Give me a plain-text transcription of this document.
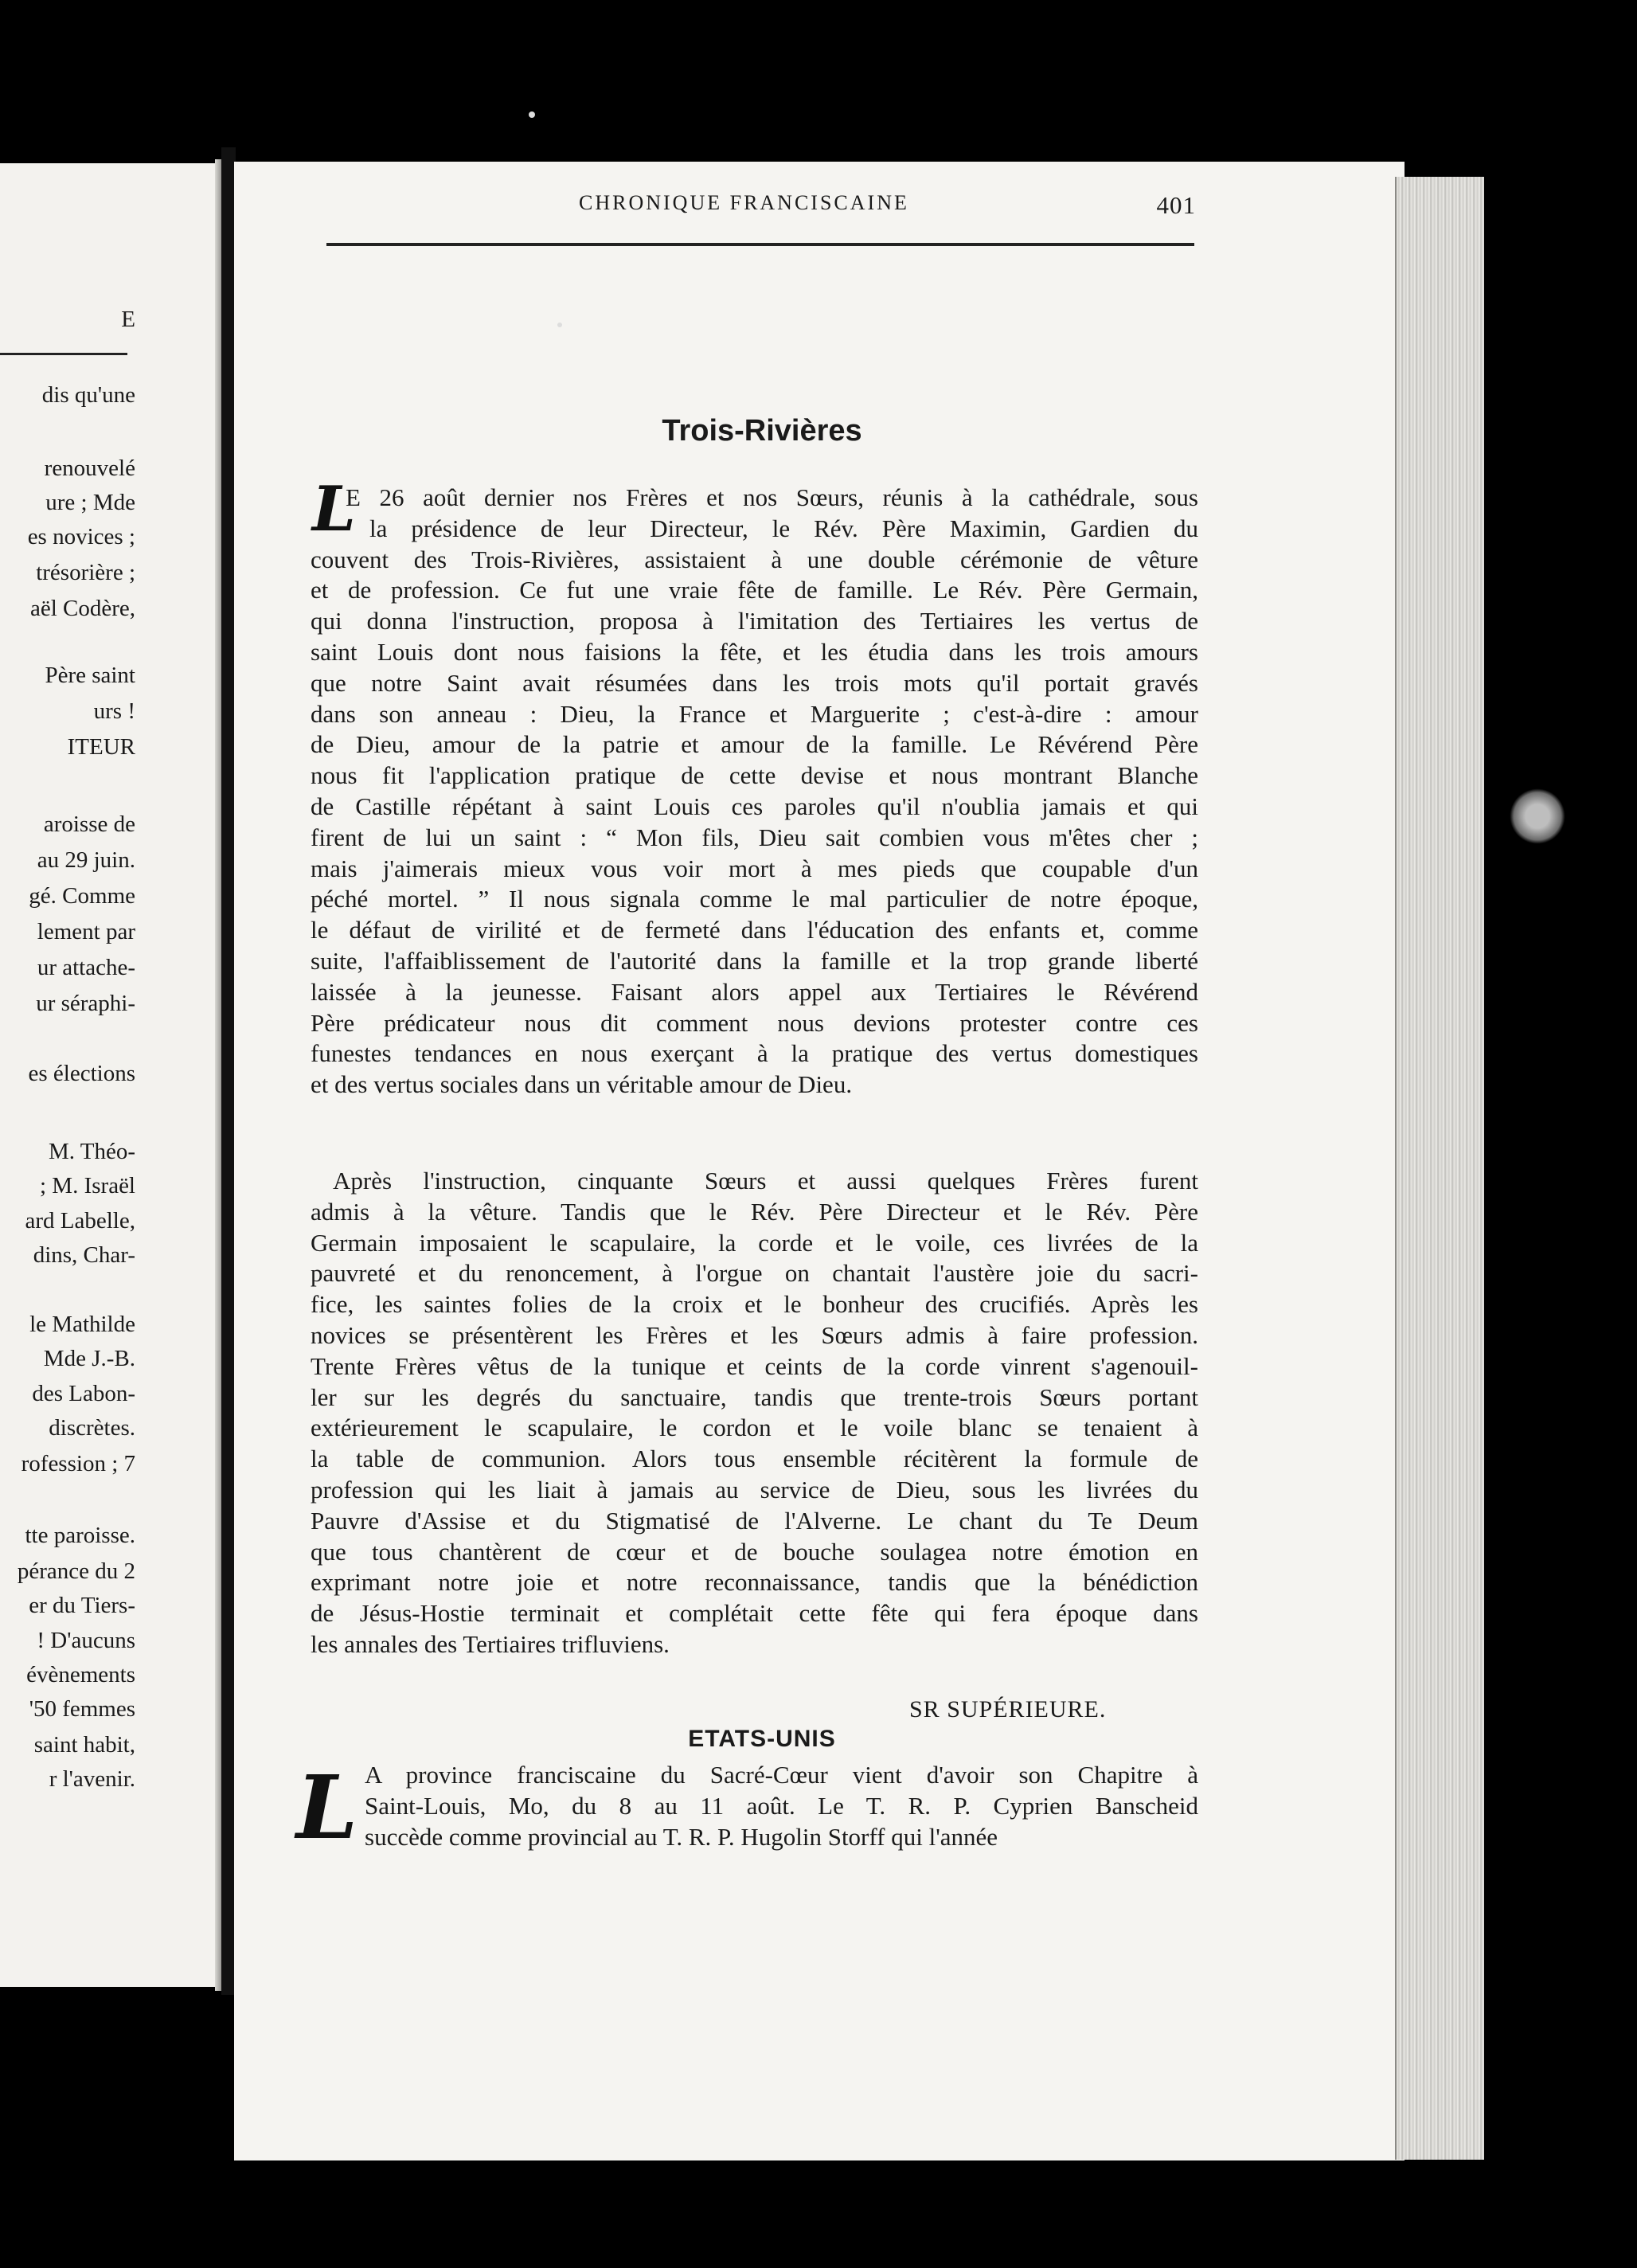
E
dis qu'une
renouvelé
ure ; Mde
es novices ;
trésorière ;
aël Codère,
Père saint
urs !
ITEUR
aroisse de
au 29 juin.
gé. Comme
lement par
ur attache-
ur séraphi-
es élections
M. Théo-
; M. Israël
ard Labelle,
dins, Char-
le Mathilde
Mde J.-B.
des Labon-
discrètes.
rofession ; 7
tte paroisse.
pérance du 2
er du Tiers-
! D'aucuns
évènements
'50 femmes
saint habit,
r l'avenir.
CHRONIQUE FRANCISCAINE	401
Trois-Rivières
L
E 26 août dernier nos Frères et nos Sœurs, réunis à la cathédrale, sous
la présidence de leur Directeur, le Rév. Père Maximin, Gardien du
couvent des Trois-Rivières, assistaient à une double cérémonie de vêture
et de profession. Ce fut une vraie fête de famille. Le Rév. Père Germain,
qui donna l'instruction, proposa à l'imitation des Tertiaires les vertus de
saint Louis dont nous faisions la fête, et les étudia dans les trois amours
que notre Saint avait résumées dans les trois mots qu'il portait gravés
dans son anneau : Dieu, la France et Marguerite ; c'est-à-dire : amour
de Dieu, amour de la patrie et amour de la famille. Le Révérend Père
nous fit l'application pratique de cette devise et nous montrant Blanche
de Castille répétant à saint Louis ces paroles qu'il n'oublia jamais et qui
firent de lui un saint : “ Mon fils, Dieu sait combien vous m'êtes cher ;
mais j'aimerais mieux vous voir mort à mes pieds que coupable d'un
péché mortel. ” Il nous signala comme le mal particulier de notre époque,
le défaut de virilité et de fermeté dans l'éducation des enfants et, comme
suite, l'affaiblissement de l'autorité dans la famille et la trop grande liberté
laissée à la jeunesse. Faisant alors appel aux Tertiaires le Révérend
Père prédicateur nous dit comment nous devions protester contre ces
funestes tendances en nous exerçant à la pratique des vertus domestiques
et des vertus sociales dans un véritable amour de Dieu.
Après l'instruction, cinquante Sœurs et aussi quelques Frères furent
admis à la vêture. Tandis que le Rév. Père Directeur et le Rév. Père
Germain imposaient le scapulaire, la corde et le voile, ces livrées de la
pauvreté et du renoncement, à l'orgue on chantait l'austère joie du sacri-
fice, les saintes folies de la croix et le bonheur des crucifiés. Après les
novices se présentèrent les Frères et les Sœurs admis à faire profession.
Trente Frères vêtus de la tunique et ceints de la corde vinrent s'agenouil-
ler sur les degrés du sanctuaire, tandis que trente-trois Sœurs portant
extérieurement le scapulaire, le cordon et le voile blanc se tenaient à
la table de communion. Alors tous ensemble récitèrent la formule de
profession qui les liait à jamais au service de Dieu, sous les livrées du
Pauvre d'Assise et du Stigmatisé de l'Alverne. Le chant du Te Deum
que tous chantèrent de cœur et de bouche soulagea notre émotion en
exprimant notre joie et notre reconnaissance, tandis que la bénédiction
de Jésus-Hostie terminait et complétait cette fête qui fera époque dans
les annales des Tertiaires trifluviens.
SR SUPÉRIEURE.
ETATS-UNIS
L A province franciscaine du Sacré-Cœur vient d'avoir son Chapitre à
Saint-Louis, Mo, du 8 au 11 août. Le T. R. P. Cyprien Banscheid
succède comme provincial au T. R. P. Hugolin Storff qui l'année
